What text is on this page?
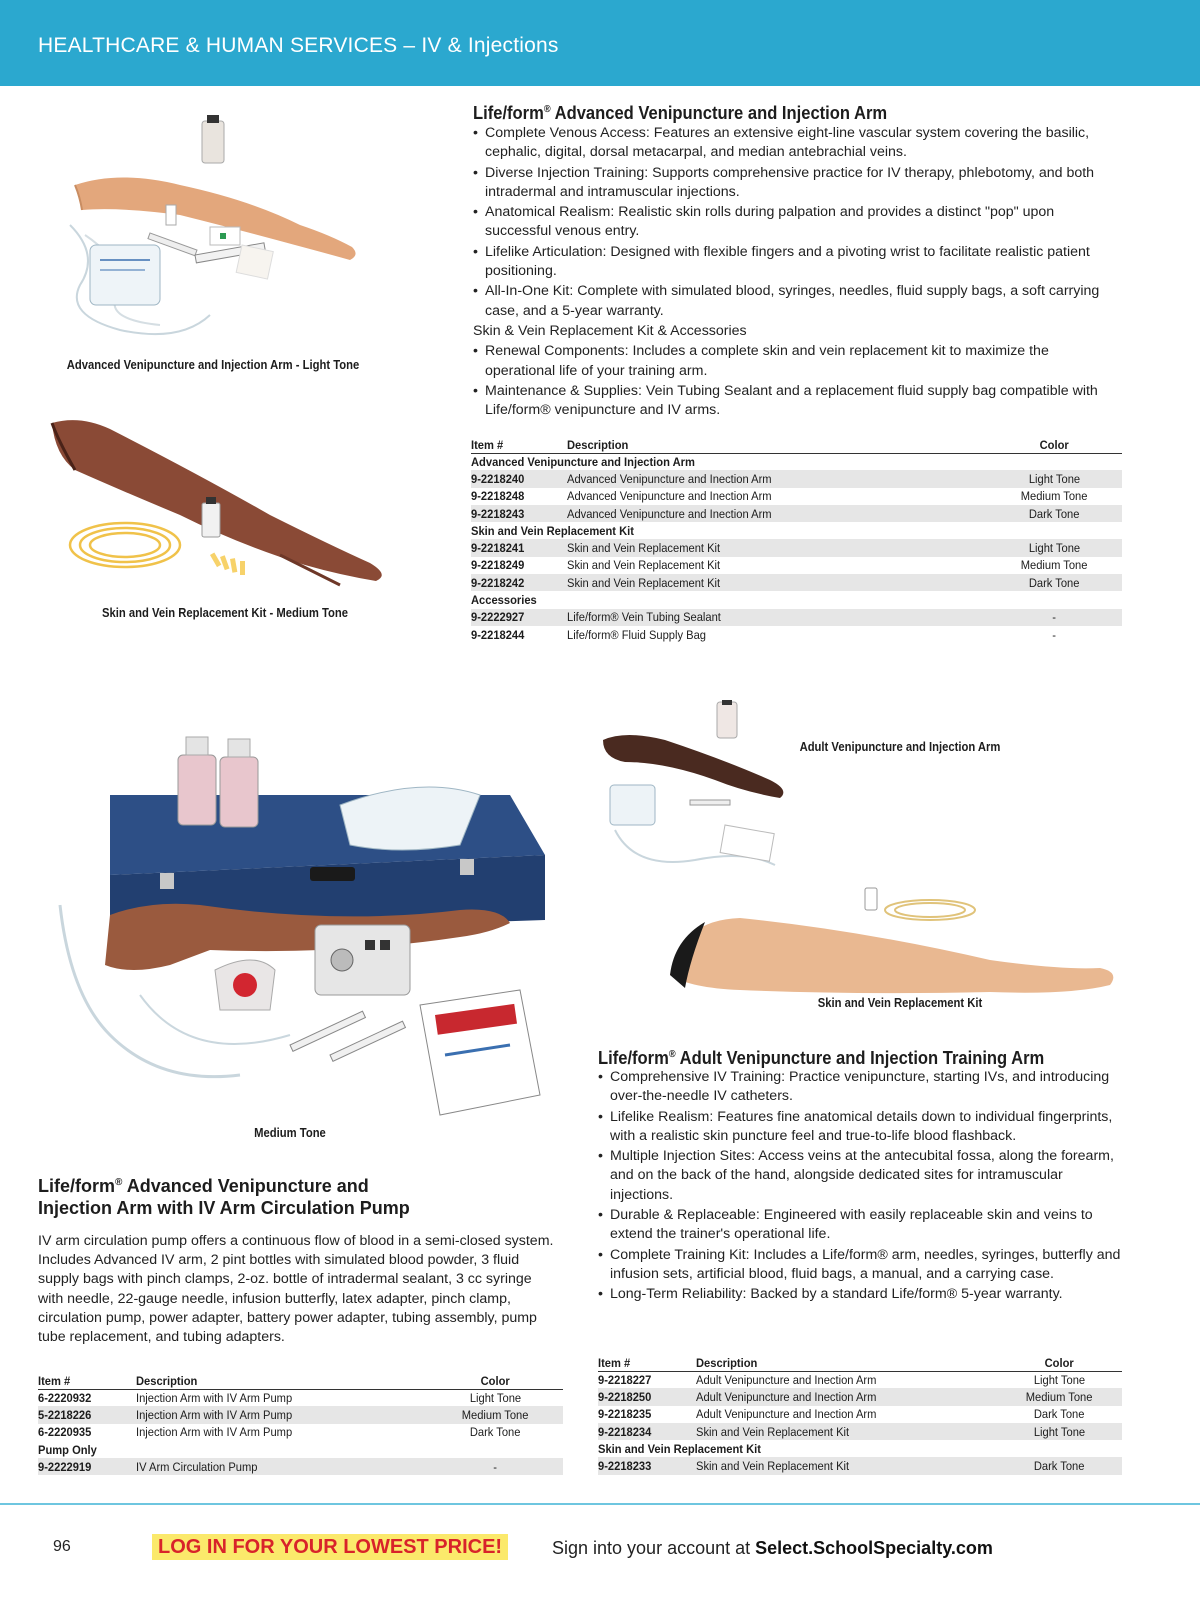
HEALTHCARE & HUMAN SERVICES – IV & Injections
Advanced Venipuncture and Injection Arm - Light Tone
Skin and Vein Replacement Kit - Medium Tone
Life/form® Advanced Venipuncture and Injection Arm
• Complete Venous Access: Features an extensive eight-line vascular system covering the basilic, cephalic, digital, dorsal metacarpal, and median antebrachial veins.
• Diverse Injection Training: Supports comprehensive practice for IV therapy, phlebotomy, and both intradermal and intramuscular injections.
• Anatomical Realism: Realistic skin rolls during palpation and provides a distinct "pop" upon successful venous entry.
• Lifelike Articulation: Designed with flexible fingers and a pivoting wrist to facilitate realistic patient positioning.
• All-In-One Kit: Complete with simulated blood, syringes, needles, fluid supply bags, a soft carrying case, and a 5-year warranty.
Skin & Vein Replacement Kit & Accessories
• Renewal Components: Includes a complete skin and vein replacement kit to maximize the operational life of your training arm.
• Maintenance & Supplies: Vein Tubing Sealant and a replacement fluid supply bag compatible with Life/form® venipuncture and IV arms.
Item #	Description	Color
Advanced Venipuncture and Injection Arm		
9-2218240	Advanced Venipuncture and Inection Arm	Light Tone
9-2218248	Advanced Venipuncture and Inection Arm	Medium Tone
9-2218243	Advanced Venipuncture and Inection Arm	Dark Tone
Skin and Vein Replacement Kit		
9-2218241	Skin and Vein Replacement Kit	Light Tone
9-2218249	Skin and Vein Replacement Kit	Medium Tone
9-2218242	Skin and Vein Replacement Kit	Dark Tone
Accessories		
9-2222927	Life/form® Vein Tubing Sealant	-
9-2218244	Life/form® Fluid Supply Bag	-
Medium Tone
Life/form® Advanced Venipuncture and
Injection Arm with IV Arm Circulation Pump
IV arm circulation pump offers a continuous flow of blood in a semi-closed system. Includes Advanced IV arm, 2 pint bottles with simulated blood powder, 3 fluid supply bags with pinch clamps, 2-oz. bottle of intradermal sealant, 3 cc syringe with needle, 22-gauge needle, infusion butterfly, latex adapter, pinch clamp, circulation pump, power adapter, battery power adapter, tubing assembly, pump tube replacement, and tubing adapters.
Item #	Description	Color
6-2220932	Injection Arm with IV Arm Pump	Light Tone
5-2218226	Injection Arm with IV Arm Pump	Medium Tone
6-2220935	Injection Arm with IV Arm Pump	Dark Tone
Pump Only		
9-2222919	IV Arm Circulation Pump	-
Adult Venipuncture and Injection Arm
Skin and Vein Replacement Kit
Life/form® Adult Venipuncture and Injection Training Arm
• Comprehensive IV Training: Practice venipuncture, starting IVs, and introducing over-the-needle IV catheters.
• Lifelike Realism: Features fine anatomical details down to individual fingerprints, with a realistic skin puncture feel and true-to-life blood flashback.
• Multiple Injection Sites: Access veins at the antecubital fossa, along the forearm, and on the back of the hand, alongside dedicated sites for intramuscular injections.
• Durable & Replaceable: Engineered with easily replaceable skin and veins to extend the trainer's operational life.
• Complete Training Kit: Includes a Life/form® arm, needles, syringes, butterfly and infusion sets, artificial blood, fluid bags, a manual, and a carrying case.
• Long-Term Reliability: Backed by a standard Life/form® 5-year warranty.
Item #	Description	Color
9-2218227	Adult Venipuncture and Inection Arm	Light Tone
9-2218250	Adult Venipuncture and Inection Arm	Medium Tone
9-2218235	Adult Venipuncture and Inection Arm	Dark Tone
9-2218234	Skin and Vein Replacement Kit	Light Tone
Skin and Vein Replacement Kit		
9-2218233	Skin and Vein Replacement Kit	Dark Tone
96	LOG IN FOR YOUR LOWEST PRICE!	Sign into your account at Select.SchoolSpecialty.com
